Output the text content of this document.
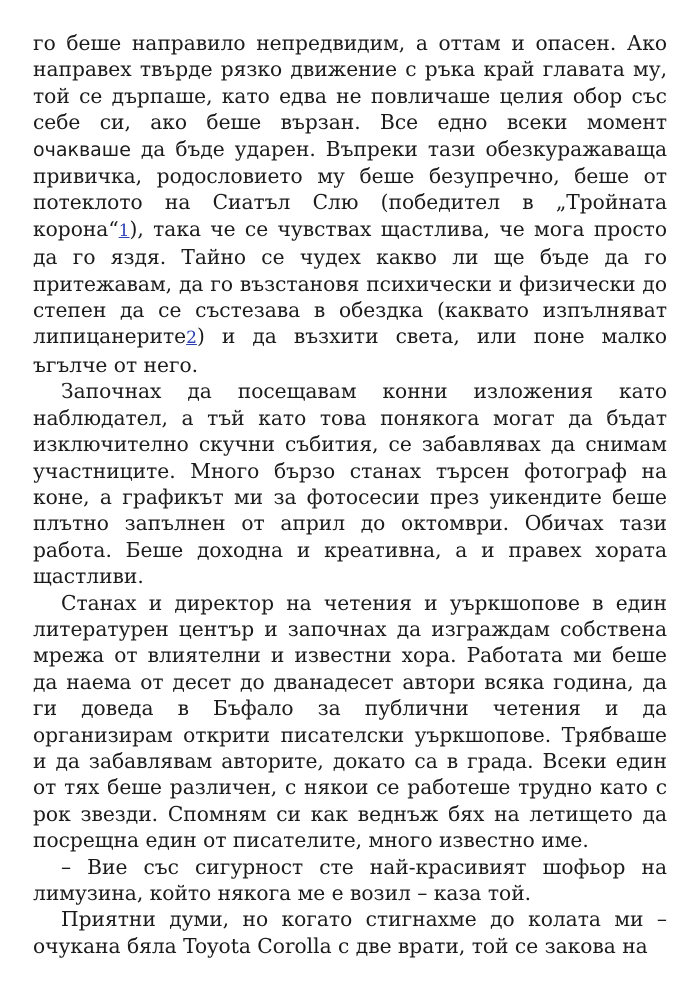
го беше направило непредвидим, а оттам и опасен. Ако направех твърде рязко движение с ръка край главата му, той се дърпаше, като едва не повличаше целия обор със себе си, ако беше вързан. Все едно всеки момент очакваше да бъде ударен. Въпреки тази обезкуражаваща привичка, родословието му беше безупречно, беше от потеклото на Сиатъл Слю (победител в „Тройната корона“1), така че се чувствах щастлива, че мога просто да го яздя. Тайно се чудех какво ли ще бъде да го притежавам, да го възстановя психически и физически до степен да се състезава в обездка (каквато изпълняват липицанерите2) и да възхити света, или поне малко ъгълче от него.

Започнах да посещавам конни изложения като наблюдател, а тъй като това понякога могат да бъдат изключително скучни събития, се забавлявах да снимам участниците. Много бързо станах търсен фотограф на коне, а графикът ми за фотосесии през уикендите беше плътно запълнен от април до октомври. Обичах тази работа. Беше доходна и креативна, а и правех хората щастливи.

Станах и директор на четения и уъркшопове в един литературен център и започнах да изграждам собствена мрежа от влиятелни и известни хора. Работата ми беше да наема от десет до дванадесет автори всяка година, да ги доведа в Бъфало за публични четения и да организирам открити писателски уъркшопове. Трябваше и да забавлявам авторите, докато са в града. Всеки един от тях беше различен, с някои се работеше трудно като с рок звезди. Спомням си как веднъж бях на летището да посрещна един от писателите, много известно име.

– Вие със сигурност сте най-красивият шофьор на лимузина, който някога ме е возил – каза той.

Приятни думи, но когато стигнахме до колата ми – очукана бяла Toyota Corolla с две врати, той се закова на
